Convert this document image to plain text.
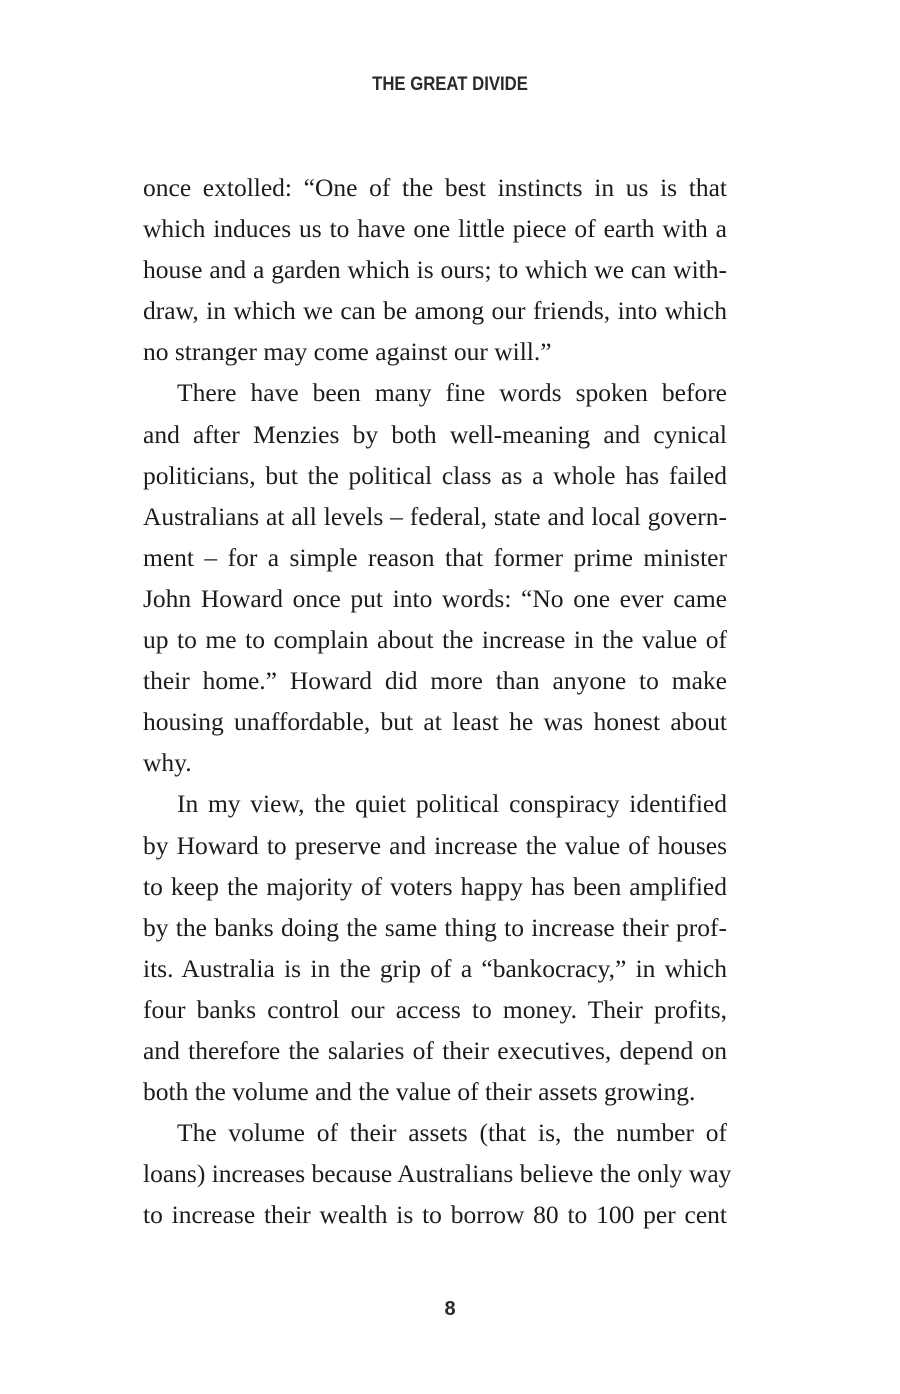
THE GREAT DIVIDE
once extolled: “One of the best instincts in us is that
which induces us to have one little piece of earth with a
house and a garden which is ours; to which we can with-
draw, in which we can be among our friends, into which
no stranger may come against our will.”
There have been many fine words spoken before
and after Menzies by both well-meaning and cynical
politicians, but the political class as a whole has failed
Australians at all levels – federal, state and local govern-
ment – for a simple reason that former prime minister
John Howard once put into words: “No one ever came
up to me to complain about the increase in the value of
their home.” Howard did more than anyone to make
housing unaffordable, but at least he was honest about
why.
In my view, the quiet political conspiracy identified
by Howard to preserve and increase the value of houses
to keep the majority of voters happy has been amplified
by the banks doing the same thing to increase their prof-
its. Australia is in the grip of a “bankocracy,” in which
four banks control our access to money. Their profits,
and therefore the salaries of their executives, depend on
both the volume and the value of their assets growing.
The volume of their assets (that is, the number of
loans) increases because Australians believe the only way
to increase their wealth is to borrow 80 to 100 per cent
8
